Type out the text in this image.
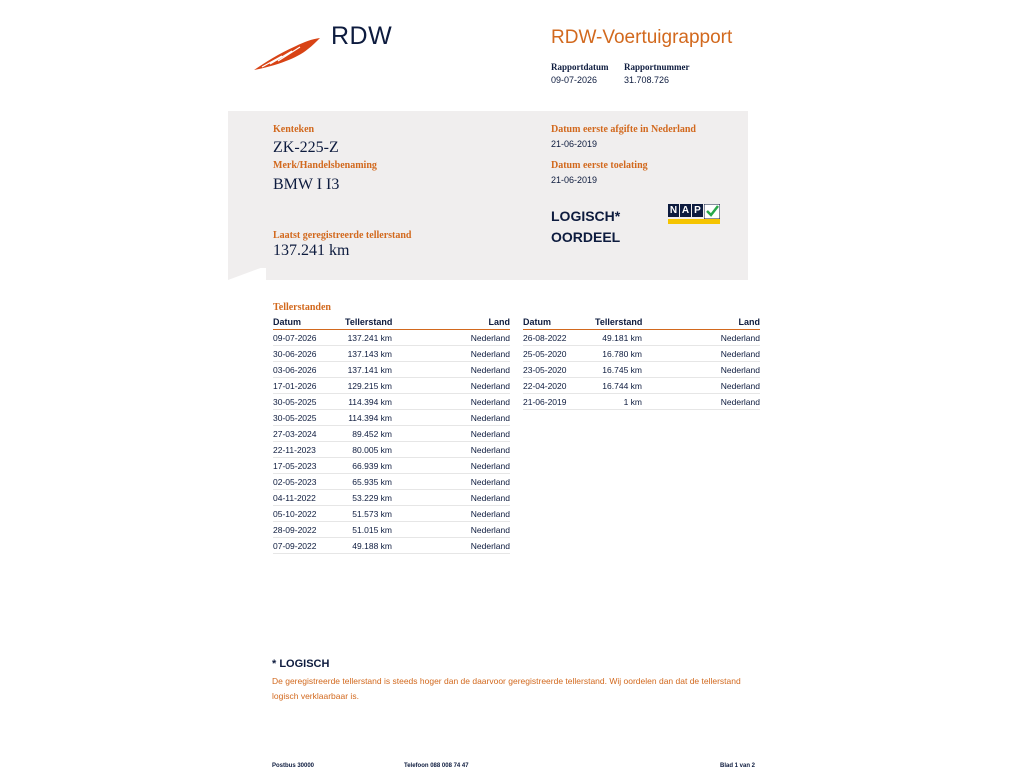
RDW	RDW-Voertuigrapport
Rapportdatum
09-07-2026
Rapportnummer
31.708.726
Kenteken
ZK-225-Z
Merk/Handelsbenaming
BMW I I3
Laatst geregistreerde tellerstand
137.241 km
Datum eerste afgifte in Nederland
21-06-2019
Datum eerste toelating
21-06-2019
LOGISCH*
OORDEEL
N A P
Tellerstanden
Datum	Tellerstand	Land
09-07-2026	137.241 km	Nederland
30-06-2026	137.143 km	Nederland
03-06-2026	137.141 km	Nederland
17-01-2026	129.215 km	Nederland
30-05-2025	114.394 km	Nederland
30-05-2025	114.394 km	Nederland
27-03-2024	89.452 km	Nederland
22-11-2023	80.005 km	Nederland
17-05-2023	66.939 km	Nederland
02-05-2023	65.935 km	Nederland
04-11-2022	53.229 km	Nederland
05-10-2022	51.573 km	Nederland
28-09-2022	51.015 km	Nederland
07-09-2022	49.188 km	Nederland
Datum	Tellerstand	Land
26-08-2022	49.181 km	Nederland
25-05-2020	16.780 km	Nederland
23-05-2020	16.745 km	Nederland
22-04-2020	16.744 km	Nederland
21-06-2019	1 km	Nederland
* LOGISCH
De geregistreerde tellerstand is steeds hoger dan de daarvoor geregistreerde tellerstand. Wij oordelen dan dat de tellerstand logisch verklaarbaar is.
Postbus 30000	Telefoon 088 008 74 47	Blad 1 van 2
